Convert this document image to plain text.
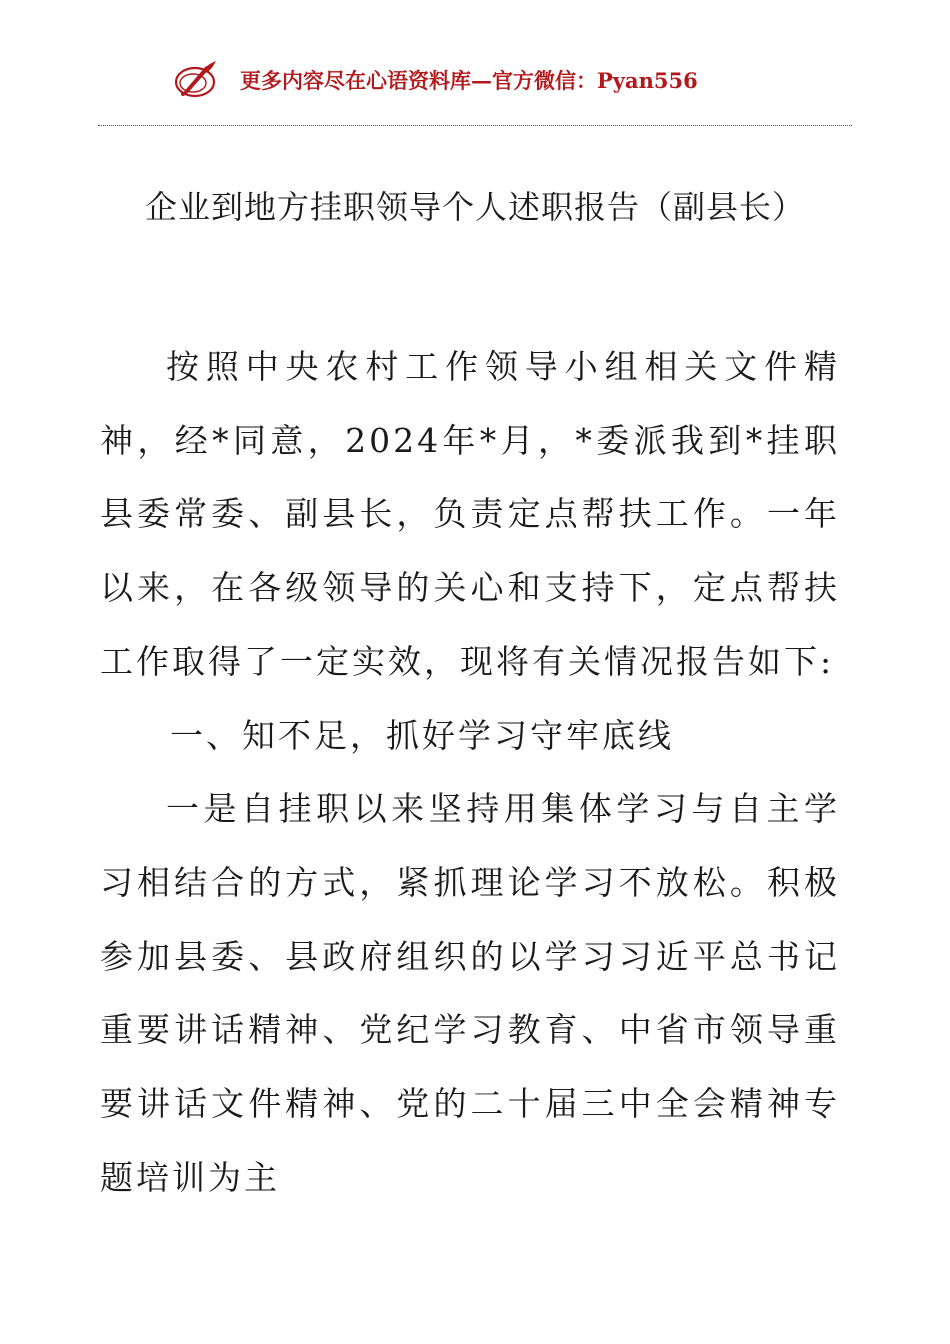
更多内容尽在心语资料库—官方微信：Pyan556
企业到地方挂职领导个人述职报告（副县长）

按照中央农村工作领导小组相关文件精神，经*同意，2024年*月，*委派我到*挂职县委常委、副县长，负责定点帮扶工作。一年以来，在各级领导的关心和支持下，定点帮扶工作取得了一定实效，现将有关情况报告如下:

一、知不足，抓好学习守牢底线

一是自挂职以来坚持用集体学习与自主学习相结合的方式，紧抓理论学习不放松。积极参加县委、县政府组织的以学习习近平总书记重要讲话精神、党纪学习教育、中省市领导重要讲话文件精神、党的二十届三中全会精神专题培训为主
